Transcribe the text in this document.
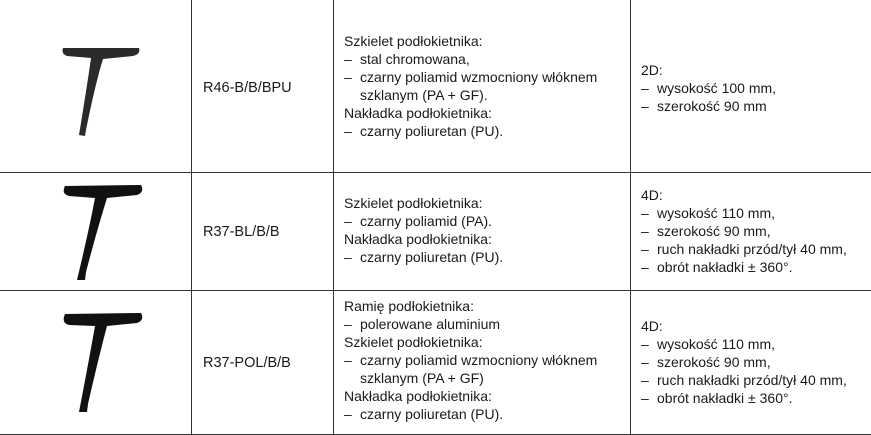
R46-B/B/BPU
R37-BL/B/B
R37-POL/B/B
Szkielet podłokietnika:
– stal chromowana,
– czarny poliamid wzmocniony włóknem
szklanym (PA + GF).
Nakładka podłokietnika:
– czarny poliuretan (PU).
Szkielet podłokietnika:
– czarny poliamid (PA).
Nakładka podłokietnika:
– czarny poliuretan (PU).
Ramię podłokietnika:
– polerowane aluminium
Szkielet podłokietnika:
– czarny poliamid wzmocniony włóknem
szklanym (PA + GF)
Nakładka podłokietnika:
– czarny poliuretan (PU).
2D:
– wysokość 100 mm,
– szerokość 90 mm
4D:
– wysokość 110 mm,
– szerokość 90 mm,
– ruch nakładki przód/tył 40 mm,
– obrót nakładki ± 360°.
4D:
– wysokość 110 mm,
– szerokość 90 mm,
– ruch nakładki przód/tył 40 mm,
– obrót nakładki ± 360°.
